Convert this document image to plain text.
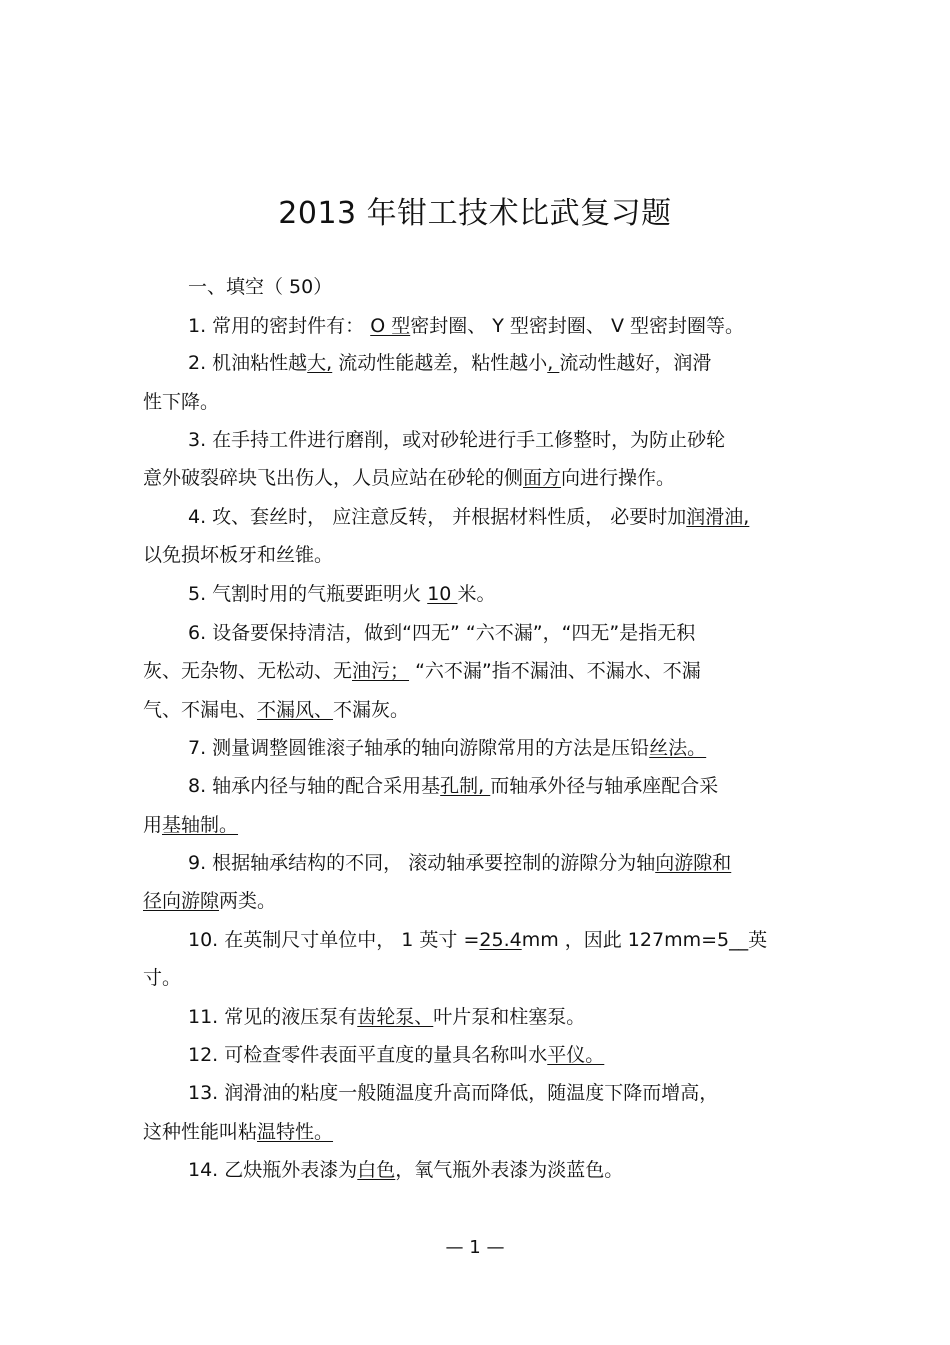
2013 年钳工技术比武复习题
一、填空（ 50）
1. 常用的密封件有： O 型密封圈、 Y 型密封圈、 V 型密封圈等。
2. 机油粘性越大, 流动性能越差，粘性越小, 流动性越好，润滑
性下降。
3. 在手持工件进行磨削，或对砂轮进行手工修整时，为防止砂轮
意外破裂碎块飞出伤人，人员应站在砂轮的侧面方向进行操作。
4. 攻、套丝时， 应注意反转， 并根据材料性质， 必要时加润滑油,
以免损坏板牙和丝锥。
5. 气割时用的气瓶要距明火 10 米。
6. 设备要保持清洁，做到“四无” “六不漏”，“四无”是指无积
灰、无杂物、无松动、无油污； “六不漏”指不漏油、不漏水、不漏
气、不漏电、不漏风、不漏灰。
7. 测量调整圆锥滚子轴承的轴向游隙常用的方法是压铅丝法。
8. 轴承内径与轴的配合采用基孔制, 而轴承外径与轴承座配合采
用基轴制。
9. 根据轴承结构的不同， 滚动轴承要控制的游隙分为轴向游隙和
径向游隙两类。
10. 在英制尺寸单位中， 1 英寸 =25.4mm ，因此 127mm=5__英
寸。
11. 常见的液压泵有齿轮泵、叶片泵和柱塞泵。
12. 可检查零件表面平直度的量具名称叫水平仪。
13. 润滑油的粘度一般随温度升高而降低，随温度下降而增高，
这种性能叫粘温特性。
14. 乙炔瓶外表漆为白色，氧气瓶外表漆为淡蓝色。
— 1 —
